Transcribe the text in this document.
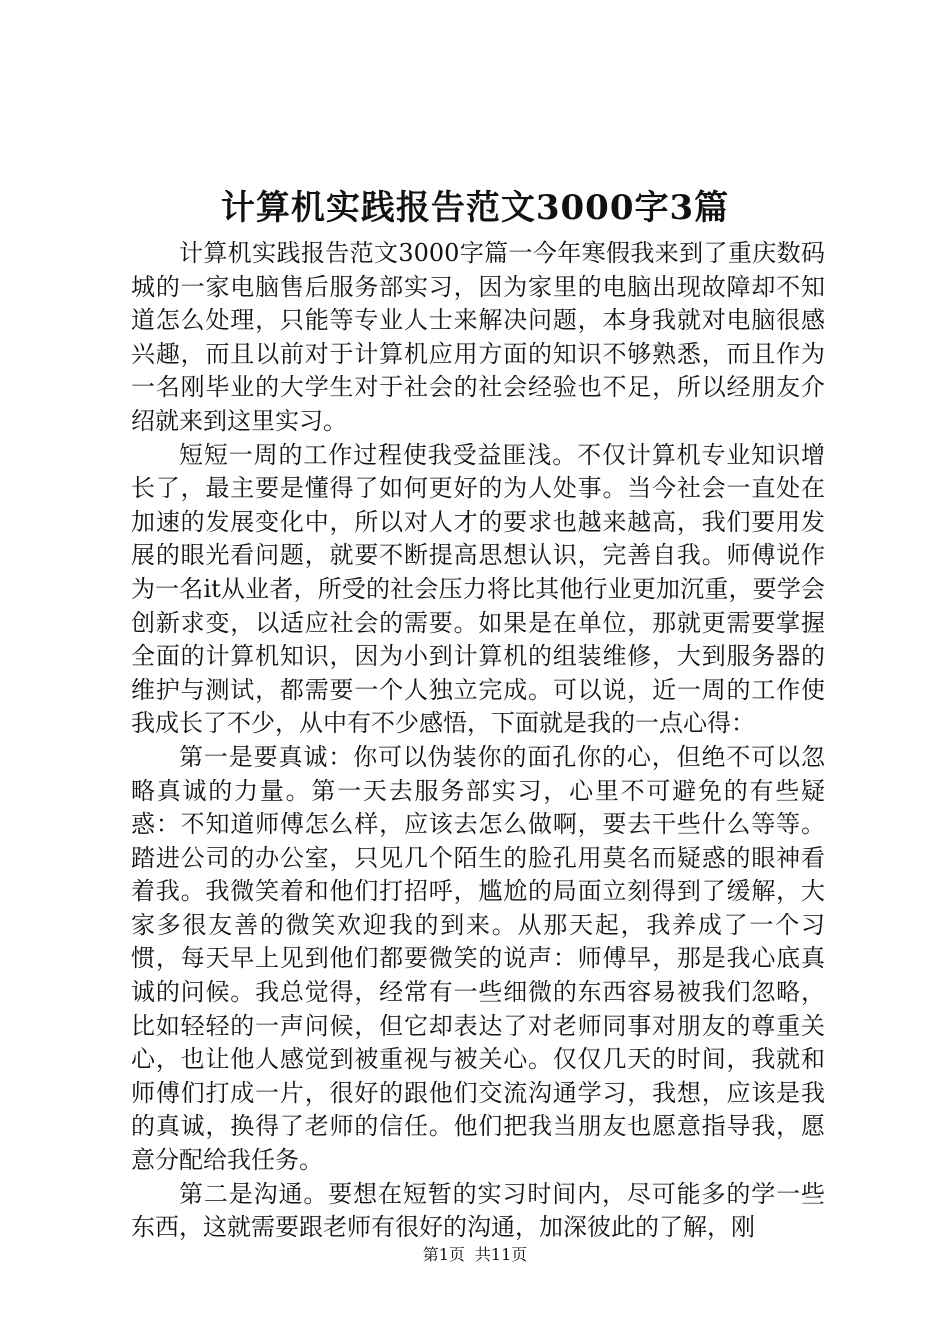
计算机实践报告范文3000字3篇

计算机实践报告范文3000字篇一今年寒假我来到了重庆数码城的一家电脑售后服务部实习，因为家里的电脑出现故障却不知道怎么处理，只能等专业人士来解决问题，本身我就对电脑很感兴趣，而且以前对于计算机应用方面的知识不够熟悉，而且作为一名刚毕业的大学生对于社会的社会经验也不足，所以经朋友介绍就来到这里实习。

短短一周的工作过程使我受益匪浅。不仅计算机专业知识增长了，最主要是懂得了如何更好的为人处事。当今社会一直处在加速的发展变化中，所以对人才的要求也越来越高，我们要用发展的眼光看问题，就要不断提高思想认识，完善自我。师傅说作为一名it从业者，所受的社会压力将比其他行业更加沉重，要学会创新求变，以适应社会的需要。如果是在单位，那就更需要掌握全面的计算机知识，因为小到计算机的组装维修，大到服务器的维护与测试，都需要一个人独立完成。可以说，近一周的工作使我成长了不少，从中有不少感悟，下面就是我的一点心得：

第一是要真诚：你可以伪装你的面孔你的心，但绝不可以忽略真诚的力量。第一天去服务部实习，心里不可避免的有些疑惑：不知道师傅怎么样，应该去怎么做啊，要去干些什么等等。踏进公司的办公室，只见几个陌生的脸孔用莫名而疑惑的眼神看着我。我微笑着和他们打招呼，尴尬的局面立刻得到了缓解，大家多很友善的微笑欢迎我的到来。从那天起，我养成了一个习惯，每天早上见到他们都要微笑的说声：师傅早，那是我心底真诚的问候。我总觉得，经常有一些细微的东西容易被我们忽略，比如轻轻的一声问候，但它却表达了对老师同事对朋友的尊重关心，也让他人感觉到被重视与被关心。仅仅几天的时间，我就和师傅们打成一片，很好的跟他们交流沟通学习，我想，应该是我的真诚，换得了老师的信任。他们把我当朋友也愿意指导我，愿意分配给我任务。

第二是沟通。要想在短暂的实习时间内，尽可能多的学一些东西，这就需要跟老师有很好的沟通，加深彼此的了解，刚

第1页 共11页
